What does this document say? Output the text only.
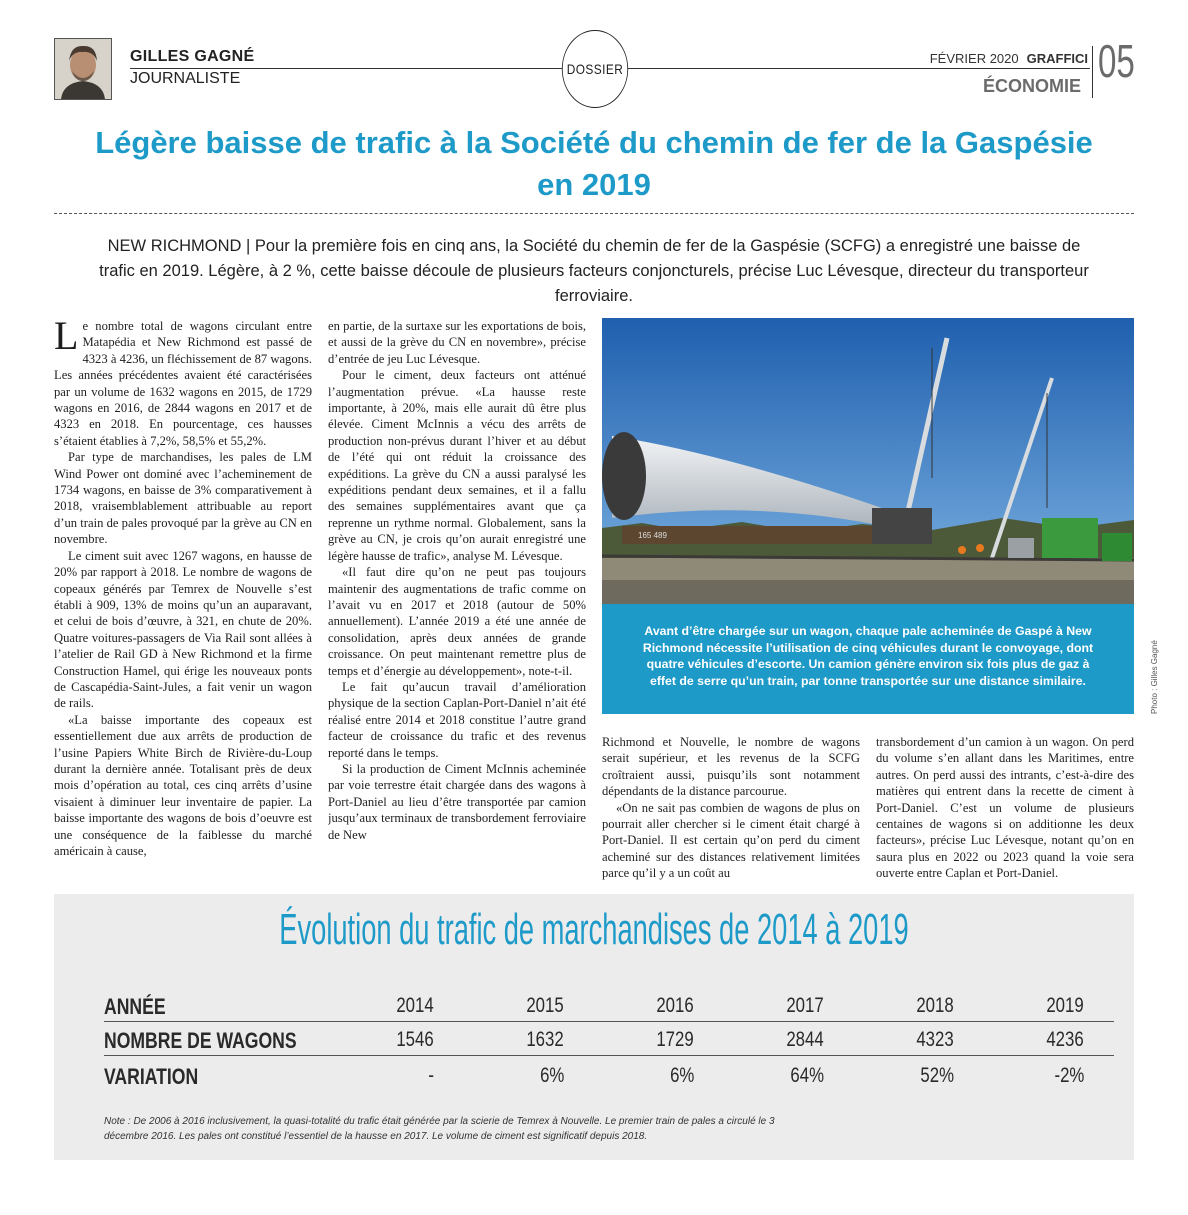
GILLES GAGNÉ
JOURNALISTE
DOSSIER
FÉVRIER 2020 GRAFFICI
ÉCONOMIE 05
Légère baisse de trafic à la Société du chemin de fer de la Gaspésie en 2019
NEW RICHMOND | Pour la première fois en cinq ans, la Société du chemin de fer de la Gaspésie (SCFG) a enregistré une baisse de trafic en 2019. Légère, à 2 %, cette baisse découle de plusieurs facteurs conjoncturels, précise Luc Lévesque, directeur du transporteur ferroviaire.

Le nombre total de wagons circulant entre Matapédia et New Richmond est passé de 4323 à 4236, un fléchissement de 87 wagons. Les années précédentes avaient été caractérisées par un volume de 1632 wagons en 2015, de 1729 wagons en 2016, de 2844 wagons en 2017 et de 4323 en 2018. En pourcentage, ces hausses s’étaient établies à 7,2%, 58,5% et 55,2%.

Par type de marchandises, les pales de LM Wind Power ont dominé avec l’acheminement de 1734 wagons, en baisse de 3% comparativement à 2018, vraisemblablement attribuable au report d’un train de pales provoqué par la grève au CN en novembre.

Le ciment suit avec 1267 wagons, en hausse de 20% par rapport à 2018. Le nombre de wagons de copeaux générés par Temrex de Nouvelle s’est établi à 909, 13% de moins qu’un an auparavant, et celui de bois d’œuvre, à 321, en chute de 20%. Quatre voitures-passagers de Via Rail sont allées à l’atelier de Rail GD à New Richmond et la firme Construction Hamel, qui érige les nouveaux ponts de Cascapédia-Saint-Jules, a fait venir un wagon de rails.

«La baisse importante des copeaux est essentiellement due aux arrêts de production de l’usine Papiers White Birch de Rivière-du-Loup durant la dernière année. Totalisant près de deux mois d’opération au total, ces cinq arrêts d’usine visaient à diminuer leur inventaire de papier. La baisse importante des wagons de bois d’oeuvre est une conséquence de la faiblesse du marché américain à cause,

en partie, de la surtaxe sur les exportations de bois, et aussi de la grève du CN en novembre», précise d’entrée de jeu Luc Lévesque.

Pour le ciment, deux facteurs ont atténué l’augmentation prévue. «La hausse reste importante, à 20%, mais elle aurait dû être plus élevée. Ciment McInnis a vécu des arrêts de production non-prévus durant l’hiver et au début de l’été qui ont réduit la croissance des expéditions. La grève du CN a aussi paralysé les expéditions pendant deux semaines, et il a fallu des semaines supplémentaires avant que ça reprenne un rythme normal. Globalement, sans la grève au CN, je crois qu’on aurait enregistré une légère hausse de trafic», analyse M. Lévesque.

«Il faut dire qu’on ne peut pas toujours maintenir des augmentations de trafic comme on l’avait vu en 2017 et 2018 (autour de 50% annuellement). L’année 2019 a été une année de consolidation, après deux années de grande croissance. On peut maintenant remettre plus de temps et d’énergie au développement», note-t-il.

Le fait qu’aucun travail d’amélioration physique de la section Caplan-Port-Daniel n’ait été réalisé entre 2014 et 2018 constitue l’autre grand facteur de croissance du trafic et des revenus reporté dans le temps.

Si la production de Ciment McInnis acheminée par voie terrestre était chargée dans des wagons à Port-Daniel au lieu d’être transportée par camion jusqu’aux terminaux de transbordement ferroviaire de New

165 489
Avant d’être chargée sur un wagon, chaque pale acheminée de Gaspé à New Richmond nécessite l’utilisation de cinq véhicules durant le convoyage, dont quatre véhicules d’escorte. Un camion génère environ six fois plus de gaz à effet de serre qu’un train, par tonne transportée sur une distance similaire.	Photo : Gilles Gagné

Richmond et Nouvelle, le nombre de wagons serait supérieur, et les revenus de la SCFG croîtraient aussi, puisqu’ils sont notamment dépendants de la distance parcourue.

«On ne sait pas combien de wagons de plus on pourrait aller chercher si le ciment était chargé à Port-Daniel. Il est certain qu’on perd du ciment acheminé sur des distances relativement limitées parce qu’il y a un coût au

transbordement d’un camion à un wagon. On perd du volume s’en allant dans les Maritimes, entre autres. On perd aussi des intrants, c’est-à-dire des matières qui entrent dans la recette de ciment à Port-Daniel. C’est un volume de plusieurs centaines de wagons si on additionne les deux facteurs», précise Luc Lévesque, notant qu’on en saura plus en 2022 ou 2023 quand la voie sera ouverte entre Caplan et Port-Daniel.

Évolution du trafic de marchandises de 2014 à 2019
ANNÉE	2014	2015	2016	2017	2018	2019
NOMBRE DE WAGONS	1546	1632	1729	2844	4323	4236
VARIATION	-	6%	6%	64%	52%	-2%
Note : De 2006 à 2016 inclusivement, la quasi-totalité du trafic était générée par la scierie de Temrex à Nouvelle. Le premier train de pales a circulé le 3 décembre 2016. Les pales ont constitué l’essentiel de la hausse en 2017. Le volume de ciment est significatif depuis 2018.
